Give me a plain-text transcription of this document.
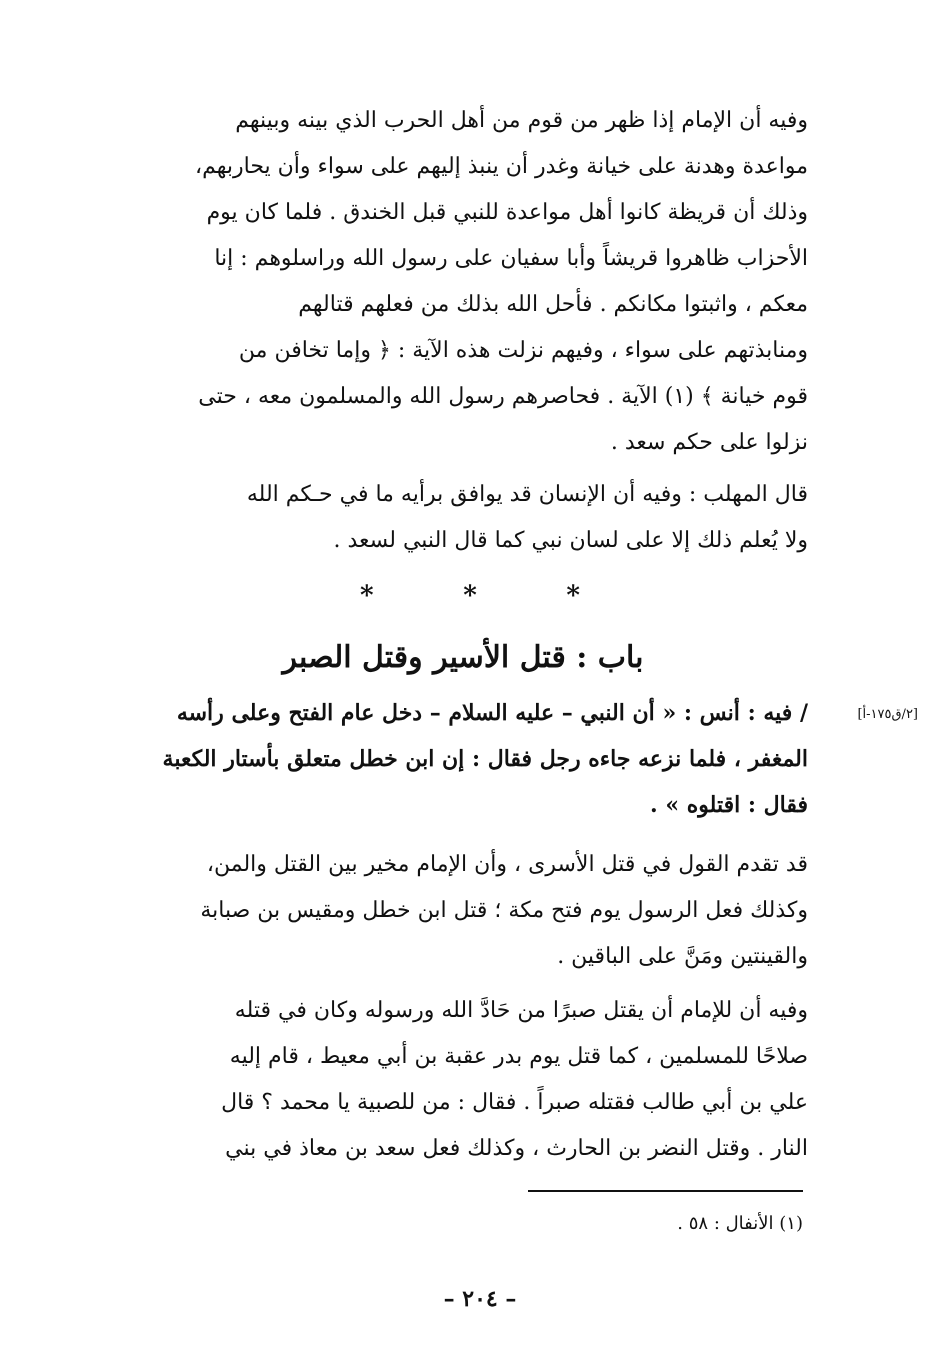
وفيه أن الإمام إذا ظهر من قوم من أهل الحرب الذي بينه وبينهم
مواعدة وهدنة على خيانة وغدر أن ينبذ إليهم على سواء وأن يحاربهم،
وذلك أن قريظة كانوا أهل مواعدة للنبي قبل الخندق . فلما كان يوم
الأحزاب ظاهروا قريشاً وأبا سفيان على رسول الله وراسلوهم : إنا
معكم ، واثبتوا مكانكم . فأحل الله بذلك من فعلهم قتالهم
ومنابذتهم على سواء ، وفيهم نزلت هذه الآية : ﴿ وإما تخافن من
قوم خيانة ﴾ (١) الآية . فحاصرهم رسول الله والمسلمون معه ، حتى
نزلوا على حكم سعد .
قال المهلب : وفيه أن الإنسان قد يوافق برأيه ما في حـكم الله
ولا يُعلم ذلك إلا على لسان نبي كما قال النبي لسعد .
*
*
*
باب : قتل الأسير وقتل الصبر
[٢/ق١٧٥-أ]
/ فيه : أنس : « أن النبي – عليه السلام – دخل عام الفتح وعلى رأسه
المغفر ، فلما نزعه جاءه رجل فقال : إن ابن خطل متعلق بأستار الكعبة
فقال : اقتلوه » .
قد تقدم القول في قتل الأسرى ، وأن الإمام مخير بين القتل والمن،
وكذلك فعل الرسول يوم فتح مكة ؛ قتل ابن خطل ومقيس بن صبابة
والقينتين ومَنَّ على الباقين .
وفيه أن للإمام أن يقتل صبرًا من حَادَّ الله ورسوله وكان في قتله
صلاحًا للمسلمين ، كما قتل يوم بدر عقبة بن أبي معيط ، قام إليه
علي بن أبي طالب فقتله صبراً . فقال : من للصبية يا محمد ؟ قال
النار . وقتل النضر بن الحارث ، وكذلك فعل سعد بن معاذ في بني
(١) الأنفال : ٥٨ .
– ٢٠٤ –
